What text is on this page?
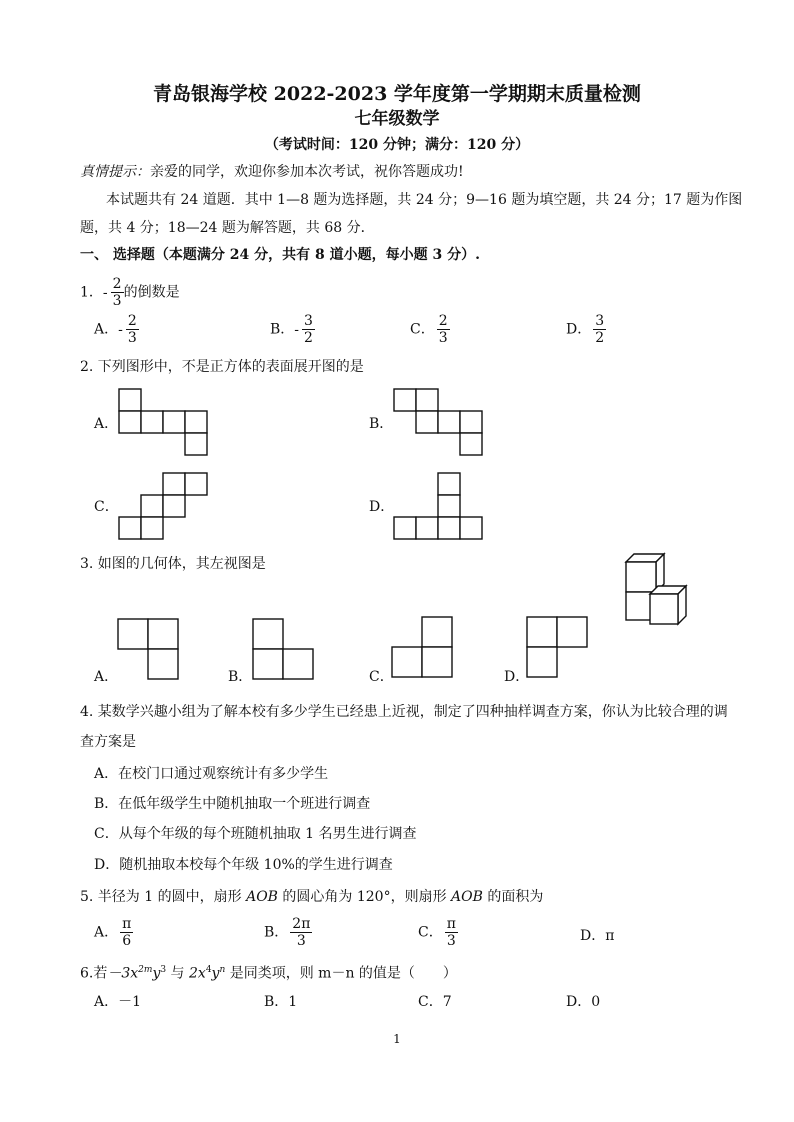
青岛银海学校 2022-2023 学年度第一学期期末质量检测
七年级数学
（考试时间：120 分钟；满分：120 分）
真情提示：亲爱的同学，欢迎你参加本次考试，祝你答题成功!
本试题共有 24 道题．其中 1—8 题为选择题，共 24 分；9—16 题为填空题，共 24 分；17 题为作图
题，共 4 分；18—24 题为解答题，共 68 分．
一、 选择题（本题满分 24 分，共有 8 道小题，每小题 3 分）.
1．- $\frac{2}{3}$ 的倒数是
A．- $\frac{2}{3}$	B．- $\frac{3}{2}$	C． $\frac{2}{3}$	D． $\frac{3}{2}$
2. 下列图形中，不是正方体的表面展开图的是
A．	B．
C．	D．
3. 如图的几何体，其左视图是
A．	B．	C．	D．
4. 某数学兴趣小组为了解本校有多少学生已经患上近视，制定了四种抽样调查方案，你认为比较合理的调
查方案是
A．在校门口通过观察统计有多少学生
B．在低年级学生中随机抽取一个班进行调查
C．从每个年级的每个班随机抽取 1 名男生进行调查
D．随机抽取本校每个年级 10%的学生进行调查
5. 半径为 1 的圆中，扇形 AOB 的圆心角为 120°，则扇形 AOB 的面积为
A． $\frac{\pi}{6}$	B． $\frac{2\pi}{3}$	C． $\frac{\pi}{3}$	D．π
6.若$-3x^{2m}y^3$ 与 $2x^4y^n$ 是同类项，则 m－n 的值是（　　）
A．－1	B．1	C．7	D．0
1
